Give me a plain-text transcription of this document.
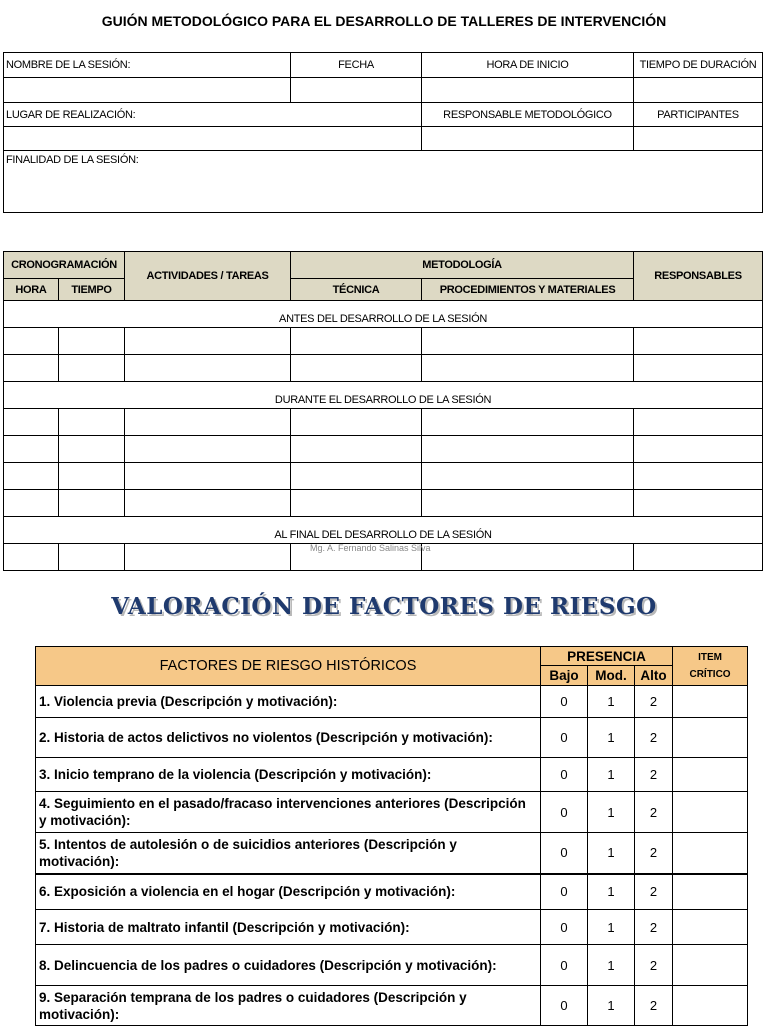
GUIÓN METODOLÓGICO PARA EL DESARROLLO DE TALLERES DE INTERVENCIÓN
NOMBRE DE LA SESIÓN:	FECHA	HORA DE INICIO	TIEMPO DE DURACIÓN

LUGAR DE REALIZACIÓN:		RESPONSABLE METODOLÓGICO	PARTICIPANTES

FINALIDAD DE LA SESIÓN:			
CRONOGRAMACIÓN		ACTIVIDADES / TAREAS	METODOLOGÍA		RESPONSABLES
HORA	TIEMPO		TÉCNICA	PROCEDIMIENTOS Y MATERIALES	
ANTES DEL DESARROLLO DE LA SESIÓN					

DURANTE EL DESARROLLO DE LA SESIÓN					

AL FINAL DEL DESARROLLO DE LA SESIÓN					

Mg. A. Fernando Salinas Silva
VALORACIÓN DE FACTORES DE RIESGO
FACTORES DE RIESGO HISTÓRICOS	PRESENCIA			ITEM
CRÍTICO

	Bajo	Mod.	Alto	
1. Violencia previa (Descripción y motivación):	0	1	2	
2. Historia de actos delictivos no violentos (Descripción y motivación):	0	1	2	
3. Inicio temprano de la violencia (Descripción y motivación):	0	1	2	
4. Seguimiento en el pasado/fracaso intervenciones anteriores (Descripción y motivación):	0	1	2	
5. Intentos de autolesión o de suicidios anteriores (Descripción y motivación):	0	1	2	
6. Exposición a violencia en el hogar (Descripción y motivación):	0	1	2	
7. Historia de maltrato infantil (Descripción y motivación):	0	1	2	
8. Delincuencia de los padres o cuidadores (Descripción y motivación):	0	1	2	
9. Separación temprana de los padres o cuidadores (Descripción y motivación):	0	1	2	
